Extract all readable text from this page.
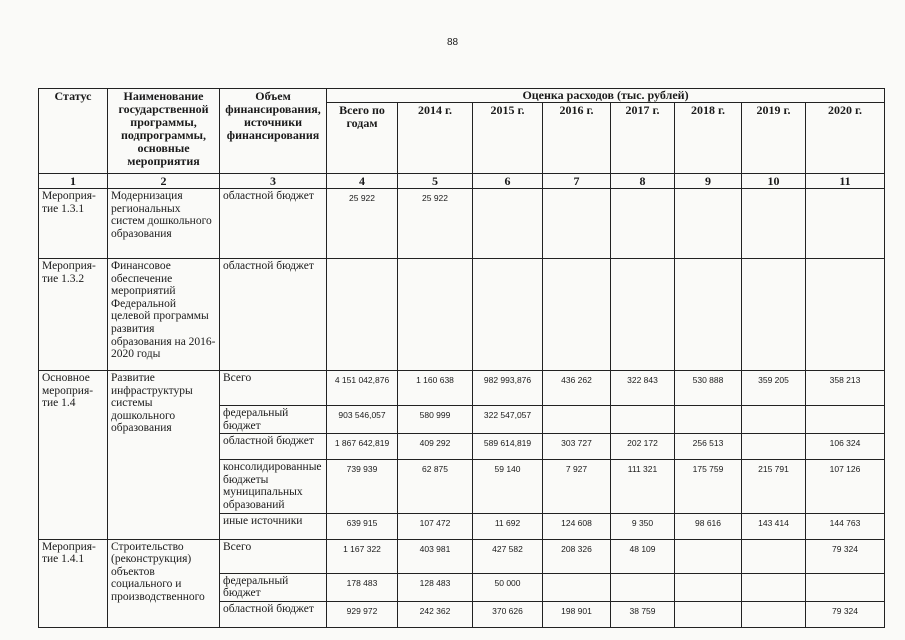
88
Статус	Наименование государственной программы, подпрограммы, основные мероприятия	Объем финансирования, источники финансирования	Оценка расходов (тыс. рублей)							
			Всего по годам	2014 г.	2015 г.	2016 г.	2017 г.	2018 г.	2019 г.	2020 г.
1	2	3	4	5	6	7	8	9	10	11
Мероприя-тие 1.3.1	Модернизация региональных систем дошкольного образования	областной бюджет	25 922	25 922						
Мероприя-тие 1.3.2	Финансовое обеспечение мероприятий Федеральной целевой программы развития образования на 2016-2020 годы	областной бюджет								
Основное мероприя-тие 1.4	Развитие инфраструктуры системы дошкольного образования	Всего	4 151 042,876	1 160 638	982 993,876	436 262	322 843	530 888	359 205	358 213
		федеральный бюджет	903 546,057	580 999	322 547,057					
		областной бюджет	1 867 642,819	409 292	589 614,819	303 727	202 172	256 513		106 324
		консолидированные бюджеты муниципальных образований	739 939	62 875	59 140	7 927	111 321	175 759	215 791	107 126
		иные источники	639 915	107 472	11 692	124 608	9 350	98 616	143 414	144 763
Мероприя-тие 1.4.1	Строительство (реконструкция) объектов социального и производственного	Всего	1 167 322	403 981	427 582	208 326	48 109			79 324
		федеральный бюджет	178 483	128 483	50 000					
		областной бюджет	929 972	242 362	370 626	198 901	38 759			79 324
